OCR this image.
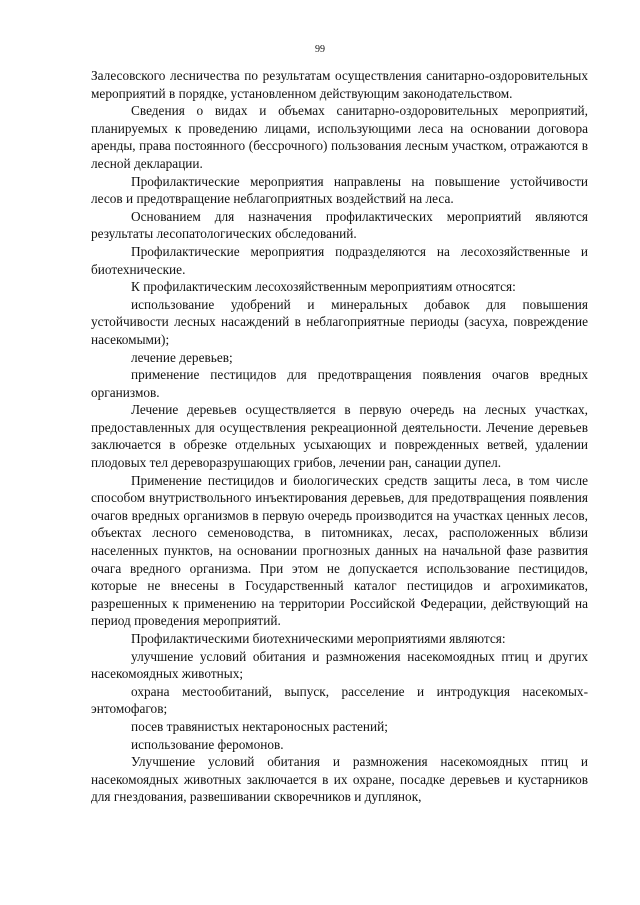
99

Залесовского лесничества по результатам осуществления санитарно-оздоровительных мероприятий в порядке, установленном действующим законодательством.

Сведения о видах и объемах санитарно-оздоровительных мероприятий, планируемых к проведению лицами, использующими леса на основании договора аренды, права постоянного (бессрочного) пользования лесным участком, отражаются в лесной декларации.

Профилактические мероприятия направлены на повышение устойчивости лесов и предотвращение неблагоприятных воздействий на леса.

Основанием для назначения профилактических мероприятий являются результаты лесопатологических обследований.

Профилактические мероприятия подразделяются на лесохозяйственные и биотехнические.

К профилактическим лесохозяйственным мероприятиям относятся:

использование удобрений и минеральных добавок для повышения устойчивости лесных насаждений в неблагоприятные периоды (засуха, повреждение насекомыми);

лечение деревьев;

применение пестицидов для предотвращения появления очагов вредных организмов.

Лечение деревьев осуществляется в первую очередь на лесных участках, предоставленных для осуществления рекреационной деятельности. Лечение деревьев заключается в обрезке отдельных усыхающих и поврежденных ветвей, удалении плодовых тел дереворазрушающих грибов, лечении ран, санации дупел.

Применение пестицидов и биологических средств защиты леса, в том числе способом внутриствольного инъектирования деревьев, для предотвращения появления очагов вредных организмов в первую очередь производится на участках ценных лесов, объектах лесного семеноводства, в питомниках, лесах, расположенных вблизи населенных пунктов, на основании прогнозных данных на начальной фазе развития очага вредного организма. При этом не допускается использование пестицидов, которые не внесены в Государственный каталог пестицидов и агрохимикатов, разрешенных к применению на территории Российской Федерации, действующий на период проведения мероприятий.

Профилактическими биотехническими мероприятиями являются:

улучшение условий обитания и размножения насекомоядных птиц и других насекомоядных животных;

охрана местообитаний, выпуск, расселение и интродукция насекомых-энтомофагов;

посев травянистых нектароносных растений;

использование феромонов.

Улучшение условий обитания и размножения насекомоядных птиц и насекомоядных животных заключается в их охране, посадке деревьев и кустарников для гнездования, развешивании скворечников и дуплянок,
